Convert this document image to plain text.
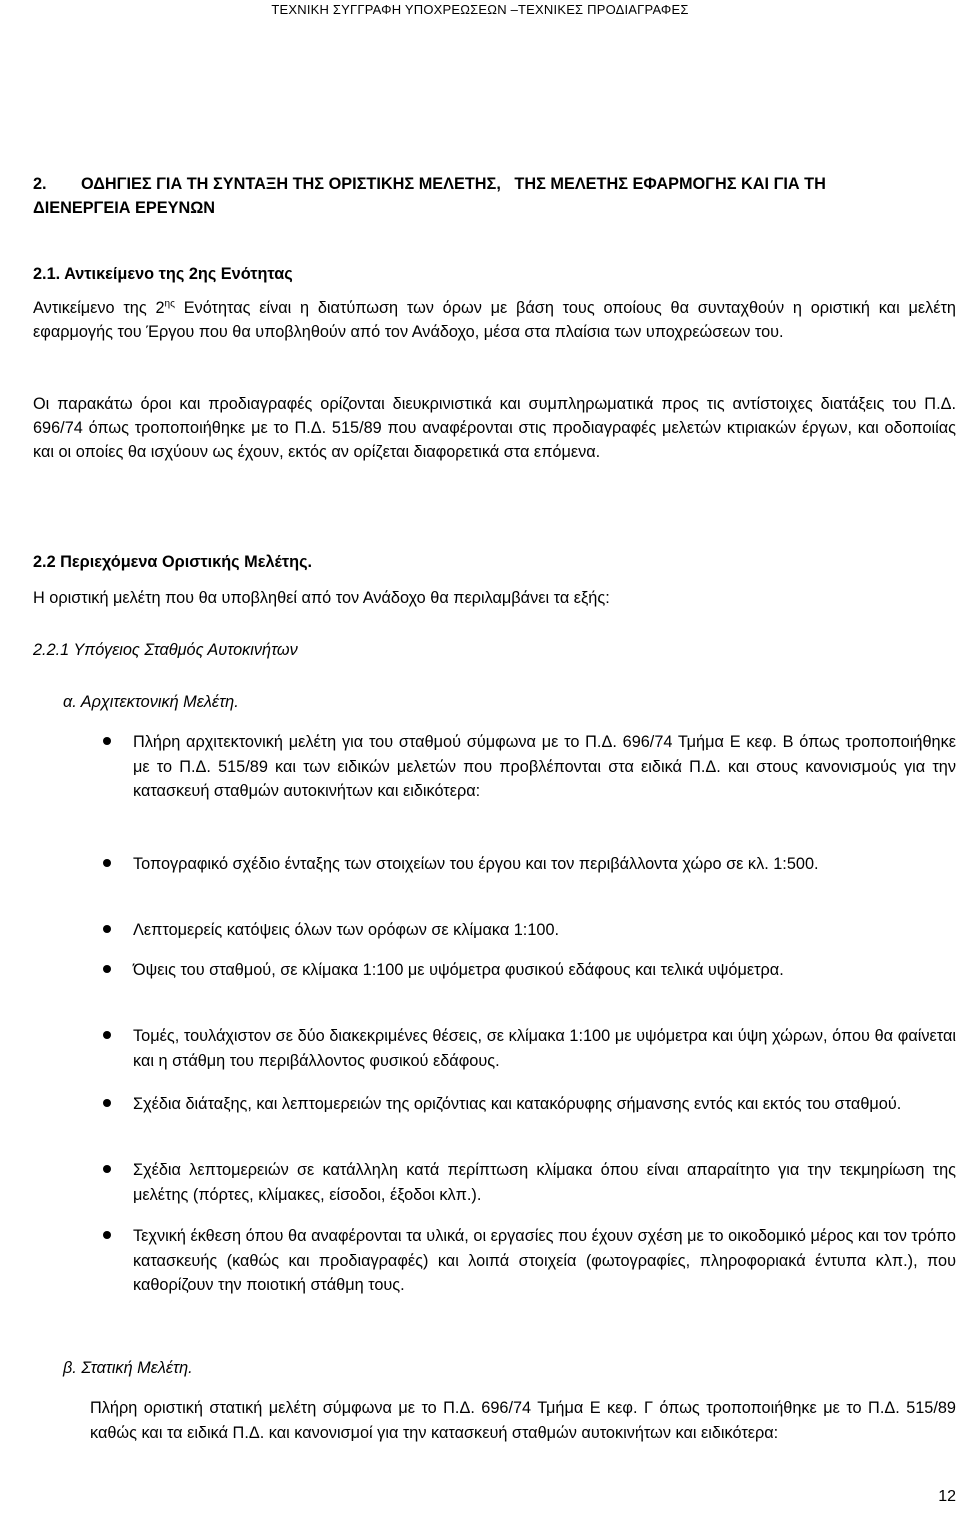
ΤΕΧΝΙΚΗ ΣΥΓΓΡΑΦΗ ΥΠΟΧΡΕΩΣΕΩΝ –ΤΕΧΝΙΚΕΣ ΠΡΟΔΙΑΓΡΑΦΕΣ
2.	ΟΔΗΓΙΕΣ ΓΙΑ ΤΗ ΣΥΝΤΑΞΗ ΤΗΣ ΟΡΙΣΤΙΚΗΣ ΜΕΛΕΤΗΣ,   ΤΗΣ ΜΕΛΕΤΗΣ ΕΦΑΡΜΟΓΗΣ ΚΑΙ ΓΙΑ ΤΗ
ΔΙΕΝΕΡΓΕΙΑ ΕΡΕΥΝΩΝ
2.1. Αντικείμενο της 2ης Ενότητας

Αντικείμενο της $2^{\eta\varsigma}$ Ενότητας είναι η διατύπωση των όρων με βάση τους οποίους θα συνταχθούν η οριστική και μελέτη εφαρμογής του Έργου που θα υποβληθούν από τον Ανάδοχο, μέσα στα πλαίσια των υποχρεώσεων του.

Οι παρακάτω όροι και προδιαγραφές ορίζονται διευκρινιστικά και συμπληρωματικά προς τις αντίστοιχες διατάξεις του Π.Δ. 696/74 όπως τροποποιήθηκε με το Π.Δ. 515/89 που αναφέρονται στις προδιαγραφές μελετών κτιριακών έργων, και οδοποιίας και οι οποίες θα ισχύουν ως έχουν, εκτός αν ορίζεται διαφορετικά στα επόμενα.

2.2 Περιεχόμενα Οριστικής Μελέτης.
Η οριστική μελέτη που θα υποβληθεί από τον Ανάδοχο θα περιλαμβάνει τα εξής:
2.2.1 Υπόγειος Σταθμός Αυτοκινήτων
α. Αρχιτεκτονική Μελέτη.
Πλήρη αρχιτεκτονική μελέτη για του σταθμού σύμφωνα με το Π.Δ. 696/74 Τμήμα Ε κεφ. Β όπως τροποποιήθηκε με το Π.Δ. 515/89 και των ειδικών μελετών που προβλέπονται στα ειδικά Π.Δ. και στους κανονισμούς για την κατασκευή σταθμών αυτοκινήτων και ειδικότερα:
Τοπογραφικό σχέδιο ένταξης των στοιχείων του έργου και τον περιβάλλοντα χώρο σε κλ. 1:500.
Λεπτομερείς κατόψεις όλων των ορόφων σε κλίμακα 1:100.
Όψεις του σταθμού, σε κλίμακα 1:100 με υψόμετρα φυσικού εδάφους και τελικά υψόμετρα.
Τομές, τουλάχιστον σε δύο διακεκριμένες θέσεις, σε κλίμακα 1:100 με υψόμετρα και ύψη χώρων, όπου θα φαίνεται και η στάθμη του περιβάλλοντος φυσικού εδάφους.
Σχέδια διάταξης, και λεπτομερειών της οριζόντιας και κατακόρυφης σήμανσης εντός και εκτός του σταθμού.
Σχέδια λεπτομερειών σε κατάλληλη κατά περίπτωση κλίμακα όπου είναι απαραίτητο για την τεκμηρίωση της μελέτης (πόρτες, κλίμακες, είσοδοι, έξοδοι κλπ.).
Τεχνική έκθεση όπου θα αναφέρονται τα υλικά, οι εργασίες που έχουν σχέση με το οικοδομικό μέρος και τον τρόπο κατασκευής (καθώς και προδιαγραφές) και λοιπά στοιχεία (φωτογραφίες, πληροφοριακά έντυπα κλπ.), που καθορίζουν την ποιοτική στάθμη τους.
β. Στατική Μελέτη.

Πλήρη οριστική στατική μελέτη σύμφωνα με το Π.Δ. 696/74 Τμήμα Ε κεφ. Γ όπως τροποποιήθηκε με το Π.Δ. 515/89 καθώς και τα ειδικά Π.Δ. και κανονισμοί για την κατασκευή σταθμών αυτοκινήτων και ειδικότερα:

12
